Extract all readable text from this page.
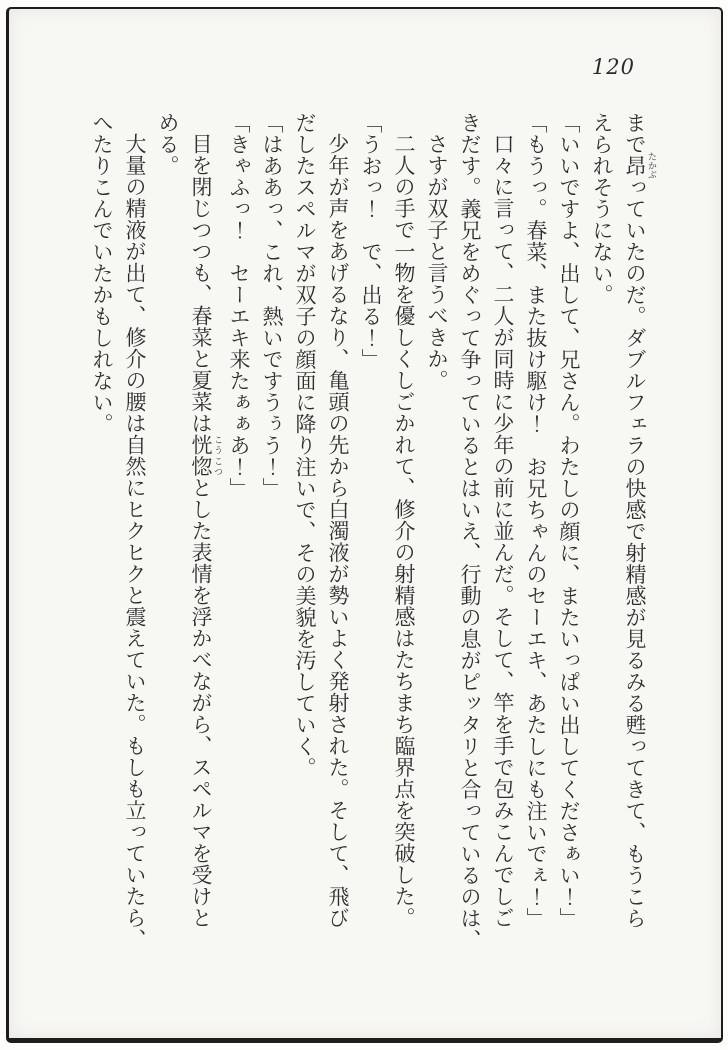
120

まで昂 たかぶっていたのだ。ダブルフェラの快感で射精感が見るみる甦ってきて、もうこら

えられそうにない。

「いいですよ、出して、兄さん。わたしの顔に、またいっぱい出してくださぁい！」

「もうっ。春菜、また抜け駆け！　お兄ちゃんのセーエキ、あたしにも注いでぇ！」

口々に言って、二人が同時に少年の前に並んだ。そして、竿を手で包みこんでしご

きだす。義兄をめぐって争っているとはいえ、行動の息がピッタリと合っているのは、

さすが双子と言うべきか。

二人の手で一物を優しくしごかれて、修介の射精感はたちまち臨界点を突破した。

「うおっ！　で、出る！」

少年が声をあげるなり、亀頭の先から白濁液が勢いよく発射された。そして、飛び

だしたスペルマが双子の顔面に降り注いで、その美貌を汚していく。

「はああっ、これ、熱いですうぅう！」

「きゃふっ！　セーエキ来たぁぁあ！」

目を閉じつつも、春菜と夏菜は恍惚 こうこつとした表情を浮かべながら、スペルマを受けと

める。

大量の精液が出て、修介の腰は自然にヒクヒクと震えていた。もしも立っていたら、

へたりこんでいたかもしれない。
